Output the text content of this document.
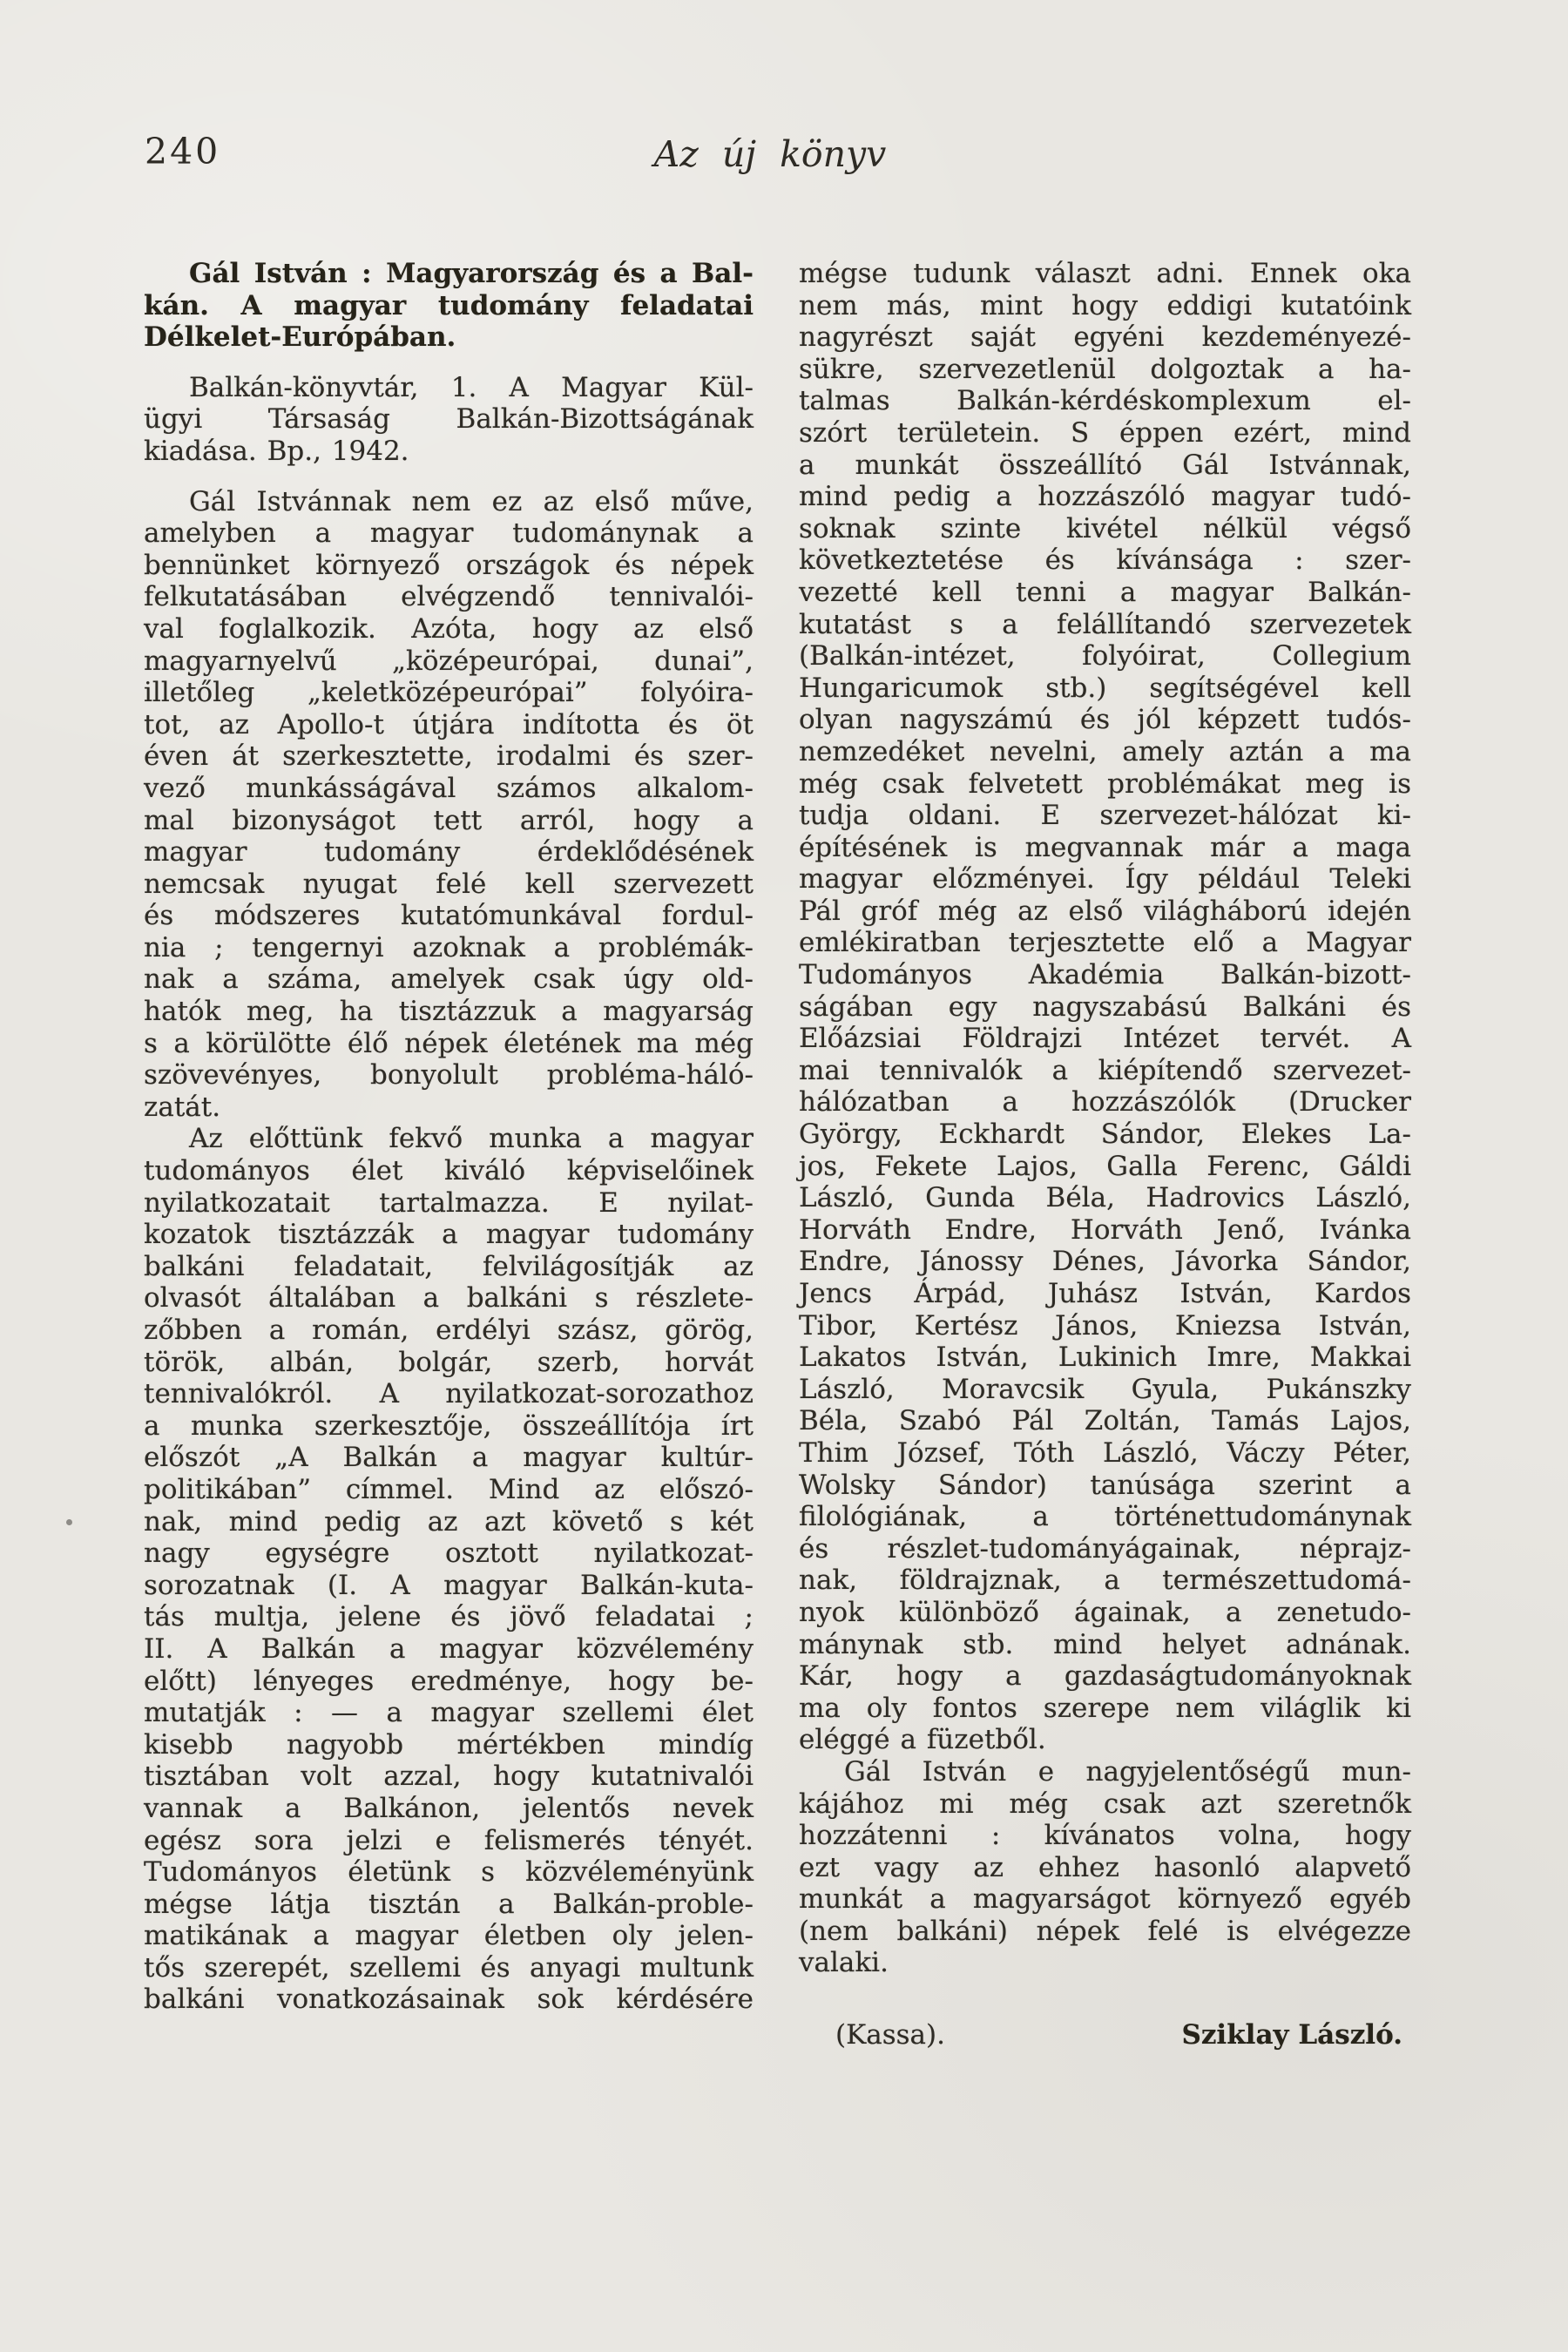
240	Az új könyv
Gál István : Magyarország és a Bal-
kán. A magyar tudomány feladatai
Délkelet-Európában.
Balkán-könyvtár, 1. A Magyar Kül-
ügyi Társaság Balkán-Bizottságának
kiadása. Bp., 1942.
Gál Istvánnak nem ez az első műve,
amelyben a magyar tudománynak a
bennünket környező országok és népek
felkutatásában elvégzendő tennivalói-
val foglalkozik. Azóta, hogy az első
magyarnyelvű „középeurópai, dunai”,
illetőleg „keletközépeurópai” folyóira-
tot, az Apollo-t útjára indította és öt
éven át szerkesztette, irodalmi és szer-
vező munkásságával számos alkalom-
mal bizonyságot tett arról, hogy a
magyar tudomány érdeklődésének
nemcsak nyugat felé kell szervezett
és módszeres kutatómunkával fordul-
nia ; tengernyi azoknak a problémák-
nak a száma, amelyek csak úgy old-
hatók meg, ha tisztázzuk a magyarság
s a körülötte élő népek életének ma még
szövevényes, bonyolult probléma-háló-
zatát.
Az előttünk fekvő munka a magyar
tudományos élet kiváló képviselőinek
nyilatkozatait tartalmazza. E nyilat-
kozatok tisztázzák a magyar tudomány
balkáni feladatait, felvilágosítják az
olvasót általában a balkáni s részlete-
zőbben a román, erdélyi szász, görög,
török, albán, bolgár, szerb, horvát
tennivalókról. A nyilatkozat-sorozathoz
a munka szerkesztője, összeállítója írt
előszót „A Balkán a magyar kultúr-
politikában” címmel. Mind az előszó-
nak, mind pedig az azt követő s két
nagy egységre osztott nyilatkozat-
sorozatnak (I. A magyar Balkán-kuta-
tás multja, jelene és jövő feladatai ;
II. A Balkán a magyar közvélemény
előtt) lényeges eredménye, hogy be-
mutatják : — a magyar szellemi élet
kisebb nagyobb mértékben mindíg
tisztában volt azzal, hogy kutatnivalói
vannak a Balkánon, jelentős nevek
egész sora jelzi e felismerés tényét.
Tudományos életünk s közvéleményünk
mégse látja tisztán a Balkán-proble-
matikának a magyar életben oly jelen-
tős szerepét, szellemi és anyagi multunk
balkáni vonatkozásainak sok kérdésére
mégse tudunk választ adni. Ennek oka
nem más, mint hogy eddigi kutatóink
nagyrészt saját egyéni kezdeményezé-
sükre, szervezetlenül dolgoztak a ha-
talmas Balkán-kérdéskomplexum el-
szórt területein. S éppen ezért, mind
a munkát összeállító Gál Istvánnak,
mind pedig a hozzászóló magyar tudó-
soknak szinte kivétel nélkül végső
következtetése és kívánsága : szer-
vezetté kell tenni a magyar Balkán-
kutatást s a felállítandó szervezetek
(Balkán-intézet, folyóirat, Collegium
Hungaricumok stb.) segítségével kell
olyan nagyszámú és jól képzett tudós-
nemzedéket nevelni, amely aztán a ma
még csak felvetett problémákat meg is
tudja oldani. E szervezet-hálózat ki-
építésének is megvannak már a maga
magyar előzményei. Így például Teleki
Pál gróf még az első világháború idején
emlékiratban terjesztette elő a Magyar
Tudományos Akadémia Balkán-bizott-
ságában egy nagyszabású Balkáni és
Előázsiai Földrajzi Intézet tervét. A
mai tennivalók a kiépítendő szervezet-
hálózatban a hozzászólók (Drucker
György, Eckhardt Sándor, Elekes La-
jos, Fekete Lajos, Galla Ferenc, Gáldi
László, Gunda Béla, Hadrovics László,
Horváth Endre, Horváth Jenő, Ivánka
Endre, Jánossy Dénes, Jávorka Sándor,
Jencs Árpád, Juhász István, Kardos
Tibor, Kertész János, Kniezsa István,
Lakatos István, Lukinich Imre, Makkai
László, Moravcsik Gyula, Pukánszky
Béla, Szabó Pál Zoltán, Tamás Lajos,
Thim József, Tóth László, Váczy Péter,
Wolsky Sándor) tanúsága szerint a
filológiának, a történettudománynak
és részlet-tudományágainak, néprajz-
nak, földrajznak, a természettudomá-
nyok különböző ágainak, a zenetudo-
mánynak stb. mind helyet adnának.
Kár, hogy a gazdaságtudományoknak
ma oly fontos szerepe nem világlik ki
eléggé a füzetből.
Gál István e nagyjelentőségű mun-
kájához mi még csak azt szeretnők
hozzátenni : kívánatos volna, hogy
ezt vagy az ehhez hasonló alapvető
munkát a magyarságot környező egyéb
(nem balkáni) népek felé is elvégezze
valaki.
(Kassa).	Sziklay László.
